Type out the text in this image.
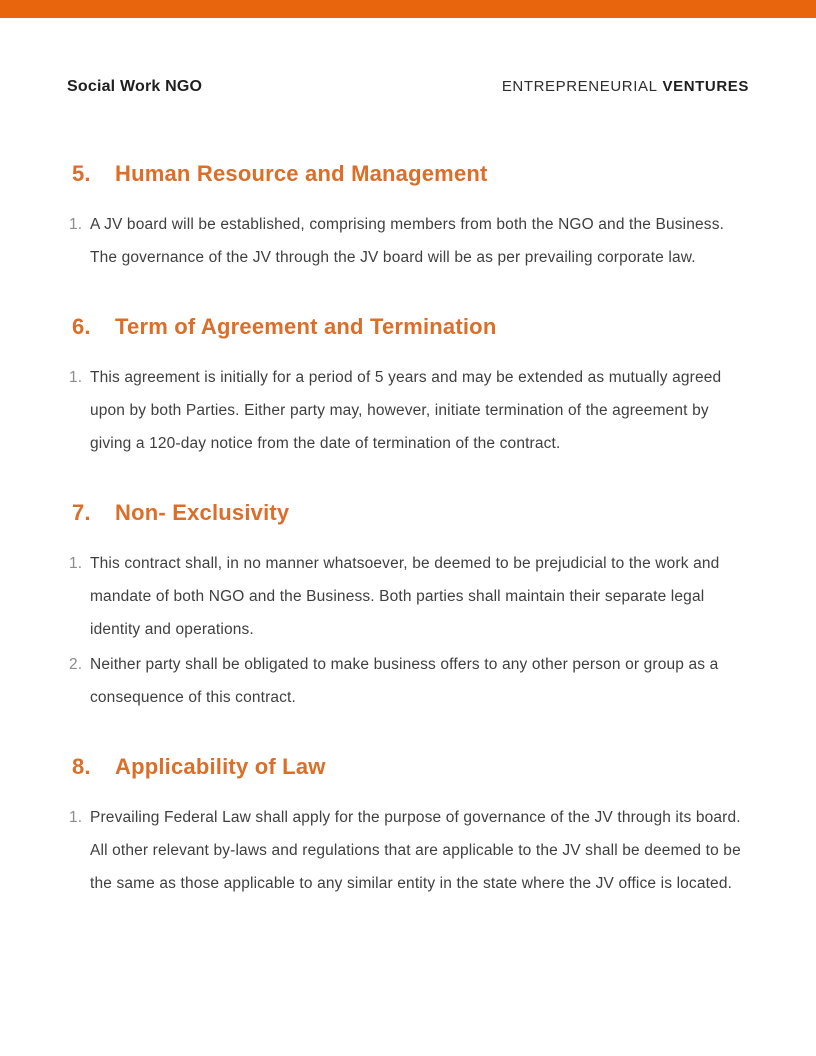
Social Work NGO	ENTREPRENEURIAL VENTURES
5.	Human Resource and Management
1. A JV board will be established, comprising members from both the NGO and the Business. The governance of the JV through the JV board will be as per prevailing corporate law.
6.	Term of Agreement and Termination
1. This agreement is initially for a period of 5 years and may be extended as mutually agreed upon by both Parties. Either party may, however, initiate termination of the agreement by giving a 120-day notice from the date of termination of the contract.
7.	Non- Exclusivity
1. This contract shall, in no manner whatsoever, be deemed to be prejudicial to the work and mandate of both NGO and the Business. Both parties shall maintain their separate legal identity and operations.
2. Neither party shall be obligated to make business offers to any other person or group as a consequence of this contract.
8.	Applicability of Law
1. Prevailing Federal Law shall apply for the purpose of governance of the JV through its board. All other relevant by-laws and regulations that are applicable to the JV shall be deemed to be the same as those applicable to any similar entity in the state where the JV office is located.
